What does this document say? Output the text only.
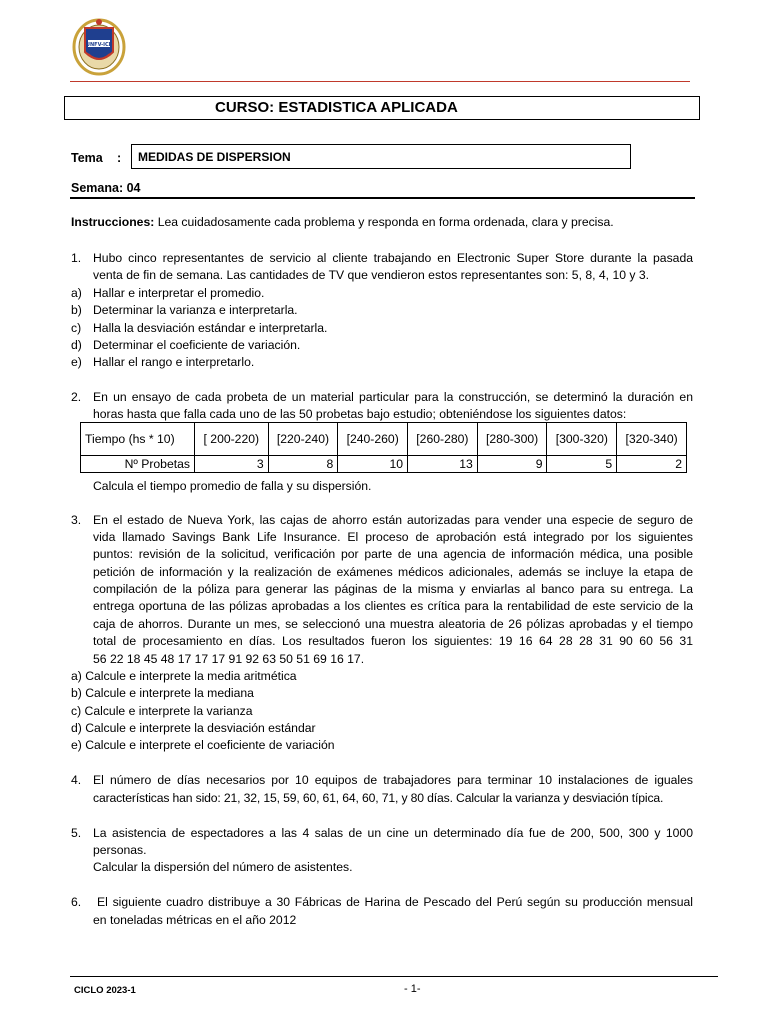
UNFV-ICE
CURSO: ESTADISTICA APLICADA
Tema :	MEDIDAS DE DISPERSION
Semana: 04
Instrucciones: Lea cuidadosamente cada problema y responda en forma ordenada, clara y precisa.
1. Hubo cinco representantes de servicio al cliente trabajando en Electronic Super Store durante la pasada
venta de fin de semana. Las cantidades de TV que vendieron estos representantes son: 5, 8, 4, 10 y 3.
a) Hallar e interpretar el promedio.
b) Determinar la varianza e interpretarla.
c) Halla la desviación estándar e interpretarla.
d) Determinar el coeficiente de variación.
e) Hallar el rango e interpretarlo.
2. En un ensayo de cada probeta de un material particular para la construcción, se determinó la duración en
horas hasta que falla cada uno de las 50 probetas bajo estudio; obteniéndose los siguientes datos:
Tiempo (hs * 10)	[ 200-220)	[220-240)	[240-260)	[260-280)	[280-300)	[300-320)	[320-340)
Nº Probetas	3	8	10	13	9	5	2
Calcula el tiempo promedio de falla y su dispersión.
3. En el estado de Nueva York, las cajas de ahorro están autorizadas para vender una especie de seguro de
vida llamado Savings Bank Life Insurance. El proceso de aprobación está integrado por los siguientes
puntos: revisión de la solicitud, verificación por parte de una agencia de información médica, una posible
petición de información y la realización de exámenes médicos adicionales, además se incluye la etapa de
compilación de la póliza para generar las páginas de la misma y enviarlas al banco para su entrega. La
entrega oportuna de las pólizas aprobadas a los clientes es crítica para la rentabilidad de este servicio de la
caja de ahorros. Durante un mes, se seleccionó una muestra aleatoria de 26 pólizas aprobadas y el tiempo
total de procesamiento en días. Los resultados fueron los siguientes: 19 16 64 28 28 31 90 60 56 31
56 22 18 45 48 17 17 17 91 92 63 50 51 69 16 17.
a) Calcule e interprete la media aritmética
b) Calcule e interprete la mediana
c) Calcule e interprete la varianza
d) Calcule e interprete la desviación estándar
e) Calcule e interprete el coeficiente de variación
4. El número de días necesarios por 10 equipos de trabajadores para terminar 10 instalaciones de iguales
características han sido: 21, 32, 15, 59, 60, 61, 64, 60, 71, y 80 días. Calcular la varianza y desviación típica.
5. La asistencia de espectadores a las 4 salas de un cine un determinado día fue de 200, 500, 300 y 1000
personas.
Calcular la dispersión del número de asistentes.
6. El siguiente cuadro distribuye a 30 Fábricas de Harina de Pescado del Perú según su producción mensual
en toneladas métricas en el año 2012
CICLO 2023-1	- 1-
